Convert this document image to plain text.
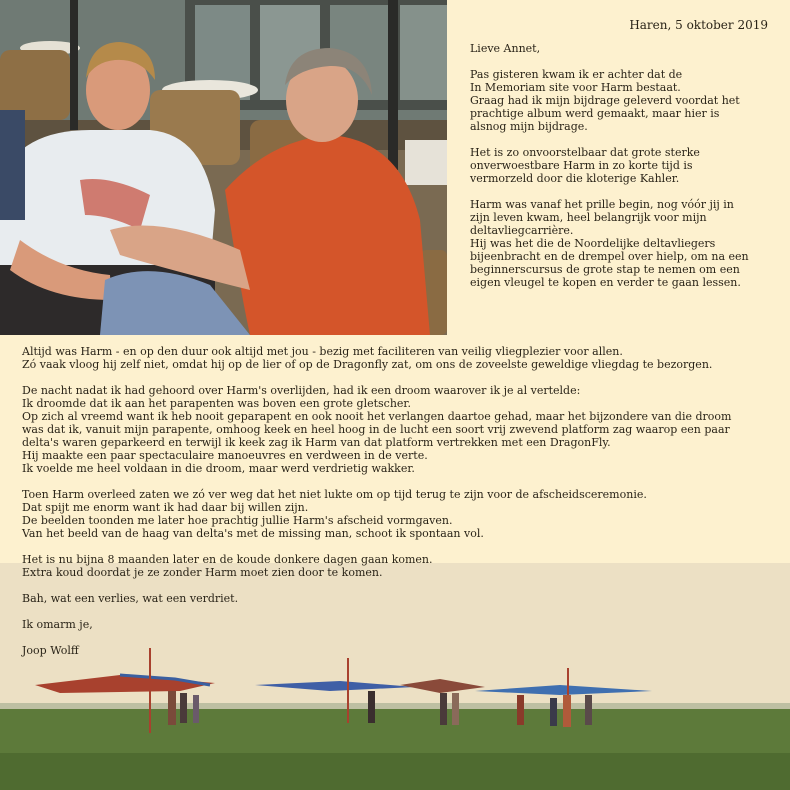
Haren, 5 oktober 2019

Lieve Annet,

Pas gisteren kwam ik er achter dat de
In Memoriam site voor Harm bestaat.
Graag had ik mijn bijdrage geleverd voordat het
prachtige album werd gemaakt, maar hier is
alsnog mijn bijdrage.

Het is zo onvoorstelbaar dat grote sterke
onverwoestbare Harm in zo korte tijd is
vermorzeld door die kloterige Kahler.

Harm was vanaf het prille begin, nog vóór jij in
zijn leven kwam, heel belangrijk voor mijn
deltavliegcarrière.
Hij was het die de Noordelijke deltavliegers
bijeenbracht en de drempel over hielp, om na een
beginnerscursus de grote stap te nemen om een
eigen vleugel te kopen en verder te gaan lessen.

Altijd was Harm - en op den duur ook altijd met jou - bezig met faciliteren van veilig vliegplezier voor allen.
Zó vaak vloog hij zelf niet, omdat hij op de lier of op de Dragonfly zat, om ons de zoveelste geweldige vliegdag te bezorgen.

De nacht nadat ik had gehoord over Harm's overlijden, had ik een droom waarover ik je al vertelde:
Ik droomde dat ik aan het parapenten was boven een grote gletscher.
Op zich al vreemd want ik heb nooit geparapent en ook nooit het verlangen daartoe gehad, maar het bijzondere van die droom
was dat ik, vanuit mijn parapente, omhoog keek en heel hoog in de lucht een soort vrij zwevend platform zag waarop een paar
delta's waren geparkeerd en terwijl ik keek zag ik Harm van dat platform vertrekken met een DragonFly.
Hij maakte een paar spectaculaire manoeuvres en verdween in de verte.
Ik voelde me heel voldaan in die droom, maar werd verdrietig wakker.

Toen Harm overleed zaten we zó ver weg dat het niet lukte om op tijd terug te zijn voor de afscheidsceremonie.
Dat spijt me enorm want ik had daar bij willen zijn.
De beelden toonden me later hoe prachtig jullie Harm's afscheid vormgaven.
Van het beeld van de haag van delta's met de missing man, schoot ik spontaan vol.

Het is nu bijna 8 maanden later en de koude donkere dagen gaan komen.
Extra koud doordat je ze zonder Harm moet zien door te komen.

Bah, wat een verlies, wat een verdriet.

Ik omarm je,

Joop Wolff
